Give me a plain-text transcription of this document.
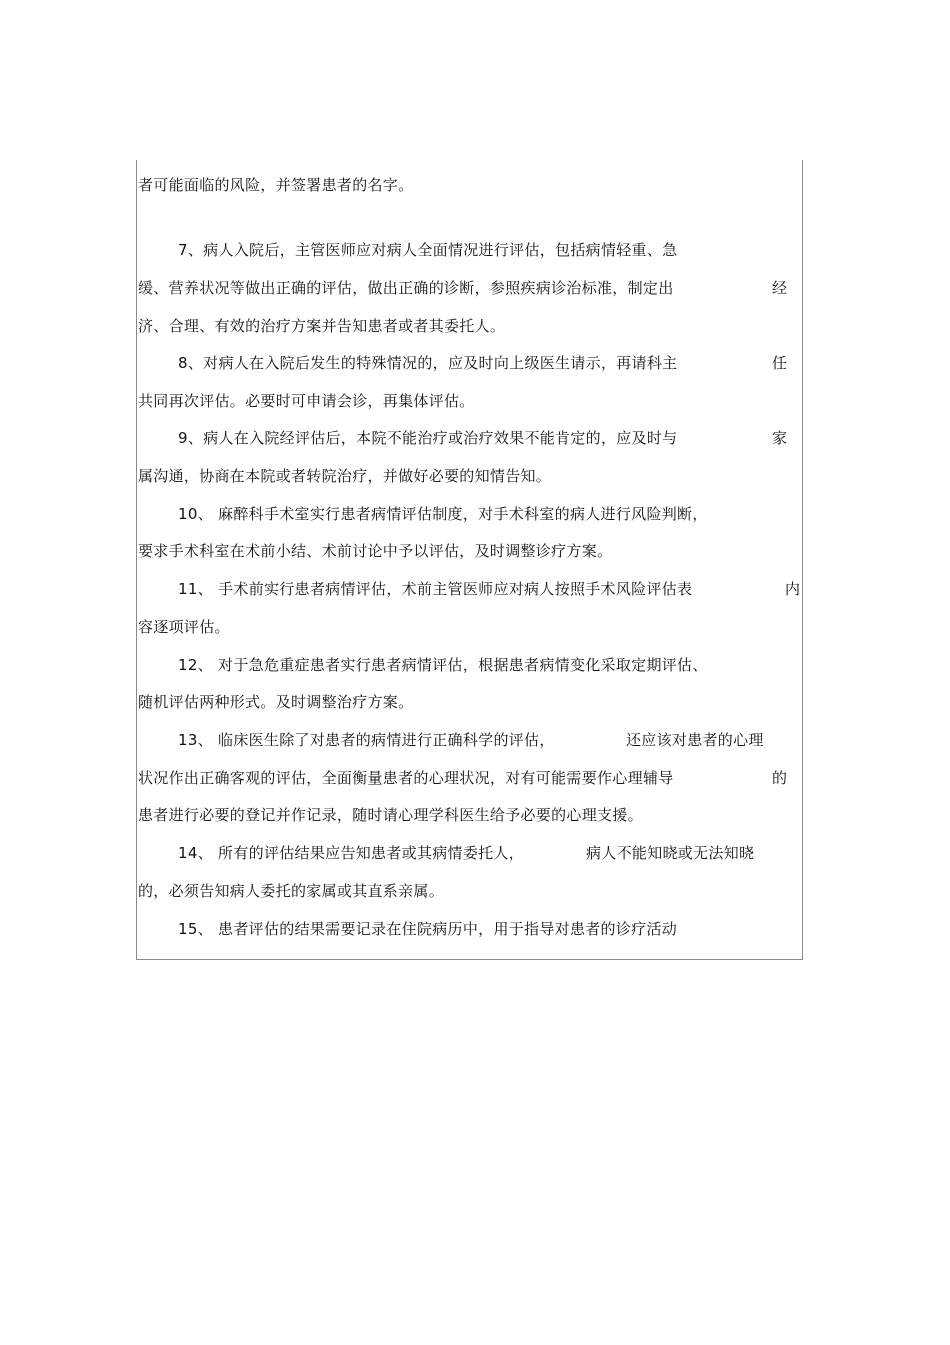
者可能面临的风险，并签署患者的名字。
7、病人入院后，主管医师应对病人全面情况进行评估，包括病情轻重、急
缓、营养状况等做出正确的评估，做出正确的诊断，参照疾病诊治标准，制定出	经
济、合理、有效的治疗方案并告知患者或者其委托人。
8、对病人在入院后发生的特殊情况的，应及时向上级医生请示，再请科主	任
共同再次评估。必要时可申请会诊，再集体评估。
9、病人在入院经评估后，本院不能治疗或治疗效果不能肯定的，应及时与	家
属沟通，协商在本院或者转院治疗，并做好必要的知情告知。
10、 麻醉科手术室实行患者病情评估制度，对手术科室的病人进行风险判断，
要求手术科室在术前小结、术前讨论中予以评估，及时调整诊疗方案。
11、 手术前实行患者病情评估，术前主管医师应对病人按照手术风险评估表	内
容逐项评估。
12、 对于急危重症患者实行患者病情评估，根据患者病情变化采取定期评估、
随机评估两种形式。及时调整治疗方案。
13、 临床医生除了对患者的病情进行正确科学的评估，	还应该对患者的心理
状况作出正确客观的评估，全面衡量患者的心理状况，对有可能需要作心理辅导	的
患者进行必要的登记并作记录，随时请心理学科医生给予必要的心理支援。
14、 所有的评估结果应告知患者或其病情委托人，	病人不能知晓或无法知晓
的，必须告知病人委托的家属或其直系亲属。
15、 患者评估的结果需要记录在住院病历中，用于指导对患者的诊疗活动
